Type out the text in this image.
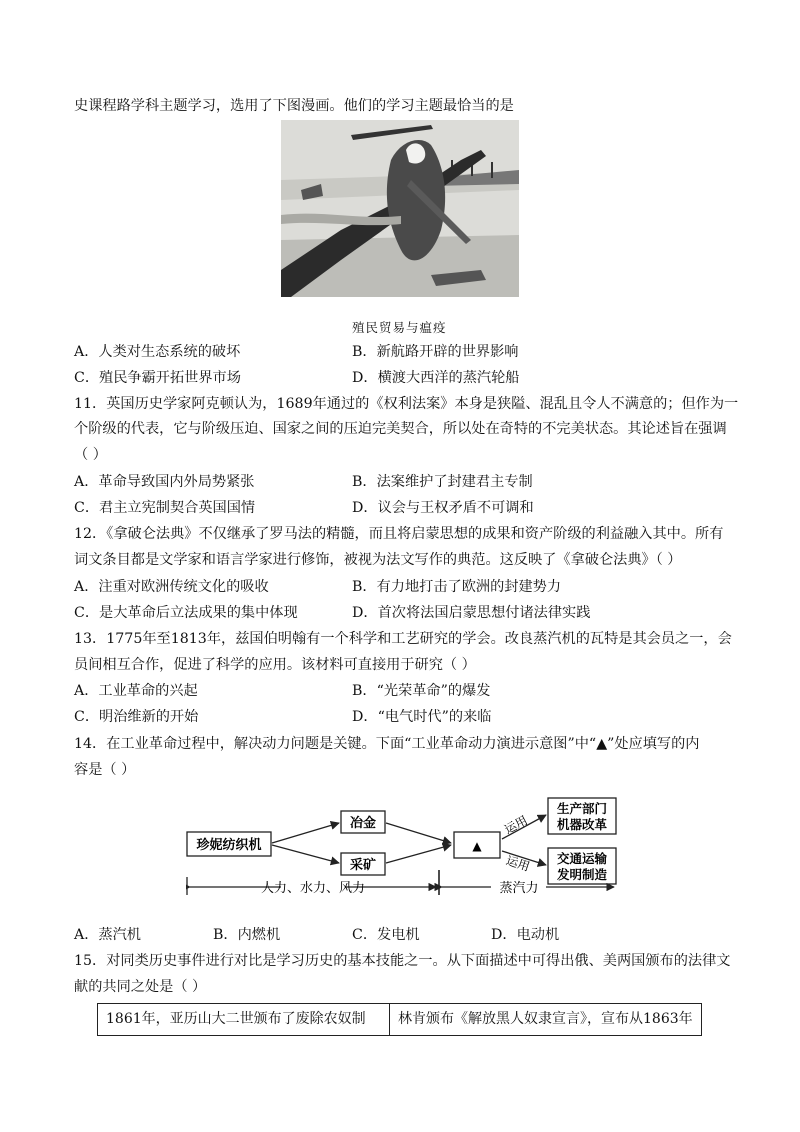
史课程路学科主题学习，选用了下图漫画。他们的学习主题最恰当的是
殖民贸易与瘟疫
A．人类对生态系统的破坏	B．新航路开辟的世界影响
C．殖民争霸开拓世界市场	D．横渡大西洋的蒸汽轮船
11．英国历史学家阿克顿认为，1689年通过的《权利法案》本身是狭隘、混乱且令人不满意的；但作为一
个阶级的代表，它与阶级压迫、国家之间的压迫完美契合，所以处在奇特的不完美状态。其论述旨在强调
（ ）
A．革命导致国内外局势紧张	B．法案维护了封建君主专制
C．君主立宪制契合英国国情	D．议会与王权矛盾不可调和
12．《拿破仑法典》不仅继承了罗马法的精髓，而且将启蒙思想的成果和资产阶级的利益融入其中。所有
词文条目都是文学家和语言学家进行修饰，被视为法文写作的典范。这反映了《拿破仑法典》（ ）
A．注重对欧洲传统文化的吸收	B．有力地打击了欧洲的封建势力
C．是大革命后立法成果的集中体现	D．首次将法国启蒙思想付诸法律实践
13．1775年至1813年，兹国伯明翰有一个科学和工艺研究的学会。改良蒸汽机的瓦特是其会员之一，会
员间相互合作，促进了科学的应用。该材料可直接用于研究（ ）
A．工业革命的兴起	B．“光荣革命”的爆发
C．明治维新的开始	D．“电气时代”的来临
14．在工业革命过程中，解决动力问题是关键。下面“工业革命动力演进示意图”中“▲”处应填写的内
容是（ ）
珍妮纺织机
冶金
采矿
▲
运用
运用
生产部门
机器改革
交通运输
发明制造
人力、水力、风力	蒸汽力
A．蒸汽机	B．内燃机	C．发电机	D．电动机
15．对同类历史事件进行对比是学习历史的基本技能之一。从下面描述中可得出俄、美两国颁布的法律文
献的共同之处是（ ）
1861年，亚历山大二世颁布了废除农奴制	林肯颁布《解放黑人奴隶宣言》，宣布从1863年
